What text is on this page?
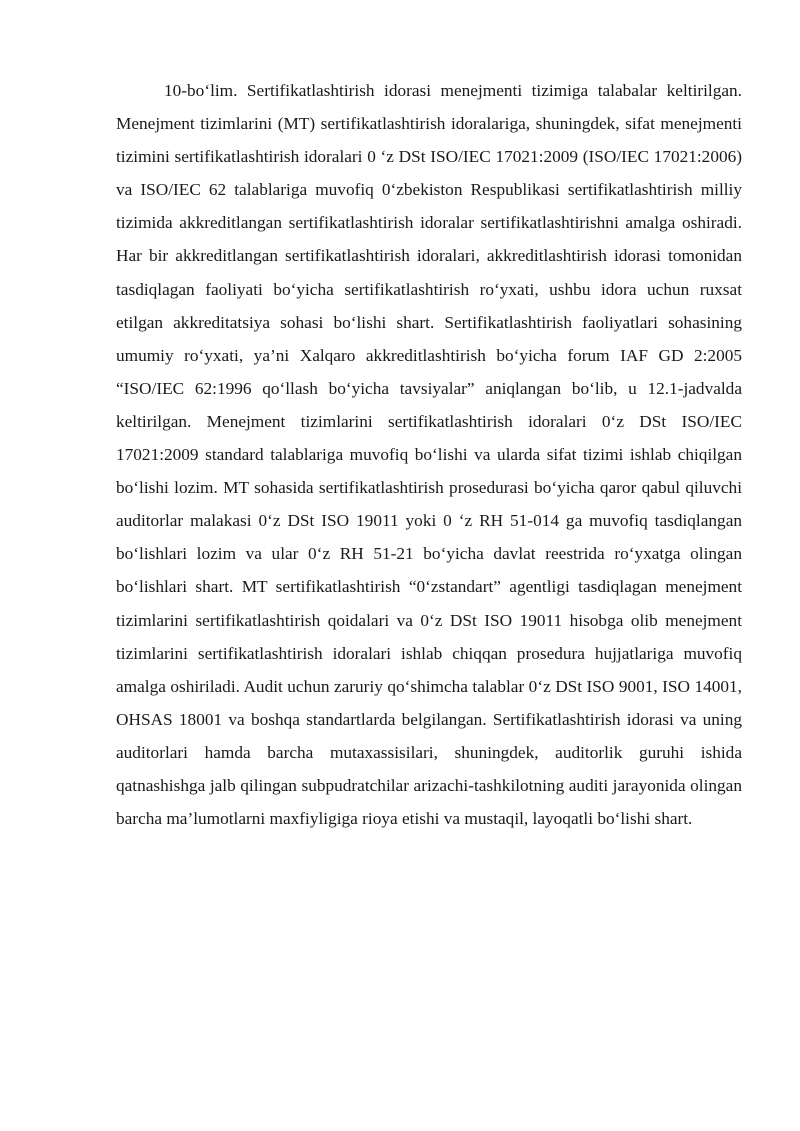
10-bo‘lim. Sertifikatlashtirish idorasi menejmenti tizimiga talabalar keltirilgan. Menejment tizimlarini (MT) sertifikatlashtirish idoralariga, shuningdek, sifat menejmenti tizimini sertifikatlashtirish idoralari 0 ‘z DSt ISO/IEC 17021:2009 (ISO/IEC 17021:2006) va ISO/IEC 62 talablariga muvofiq 0‘zbekiston Respublikasi sertifikatlashtirish milliy tizimida akkreditlangan sertifikatlashtirish idoralar sertifikatlashtirishni amalga oshiradi. Har bir akkreditlangan sertifikatlashtirish idoralari, akkreditlashtirish idorasi tomonidan tasdiqlagan faoliyati bo‘yicha sertifikatlashtirish ro‘yxati, ushbu idora uchun ruxsat etilgan akkreditatsiya sohasi bo‘lishi shart. Sertifikatlashtirish faoliyatlari sohasining umumiy ro‘yxati, ya’ni Xalqaro akkreditlashtirish bo‘yicha forum IAF GD 2:2005 “ISO/IEC 62:1996 qo‘llash bo‘yicha tavsiyalar” aniqlangan bo‘lib, u 12.1-jadvalda keltirilgan. Menejment tizimlarini sertifikatlashtirish idoralari 0‘z DSt ISO/IEC 17021:2009 standard talablariga muvofiq bo‘lishi va ularda sifat tizimi ishlab chiqilgan bo‘lishi lozim. MT sohasida sertifikatlashtirish prosedurasi bo‘yicha qaror qabul qiluvchi auditorlar malakasi 0‘z DSt ISO 19011 yoki 0 ‘z RH 51-014 ga muvofiq tasdiqlangan bo‘lishlari lozim va ular 0‘z RH 51-21 bo‘yicha davlat reestrida ro‘yxatga olingan bo‘lishlari shart. MT sertifikatlashtirish “0‘zstandart” agentligi tasdiqlagan menejment tizimlarini sertifikatlashtirish qoidalari va 0‘z DSt ISO 19011 hisobga olib menejment tizimlarini sertifikatlashtirish idoralari ishlab chiqqan prosedura hujjatlariga muvofiq amalga oshiriladi. Audit uchun zaruriy qo‘shimcha talablar 0‘z DSt ISO 9001, ISO 14001, OHSAS 18001 va boshqa standartlarda belgilangan. Sertifikatlashtirish idorasi va uning auditorlari hamda barcha mutaxassisilari, shuningdek, auditorlik guruhi ishida qatnashishga jalb qilingan subpudratchilar arizachi-tashkilotning auditi jarayonida olingan barcha ma’lumotlarni maxfiyligiga rioya etishi va mustaqil, layoqatli bo‘lishi shart.
